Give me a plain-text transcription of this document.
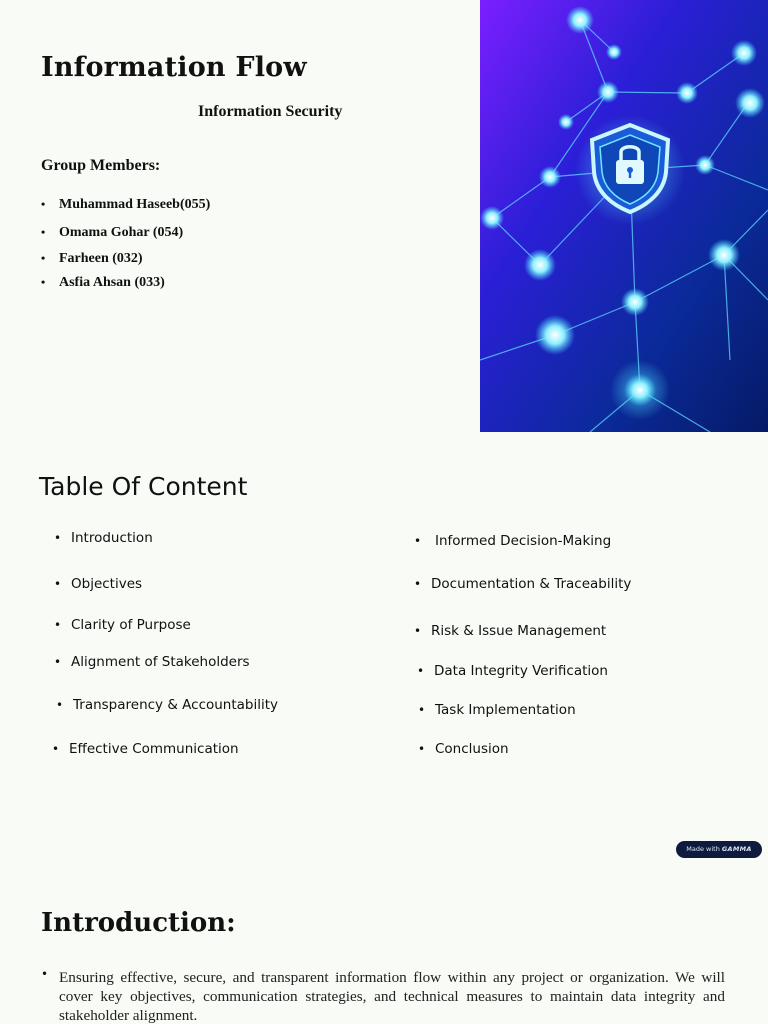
Information Flow
Information Security
Group Members:
• Muhammad Haseeb(055)
• Omama Gohar (054)
• Farheen (032)
• Asfia Ahsan (033)
Table Of Content
• Introduction
• Objectives
• Clarity of Purpose
• Alignment of Stakeholders
• Transparency & Accountability
• Effective Communication
• Informed Decision-Making
• Documentation & Traceability
• Risk & Issue Management
• Data Integrity Verification
• Task Implementation
• Conclusion
Made with GAMMA
Introduction:
• Ensuring effective, secure, and transparent information flow within any project or organization. We will cover key objectives, communication strategies, and technical measures to maintain data integrity and stakeholder alignment.
